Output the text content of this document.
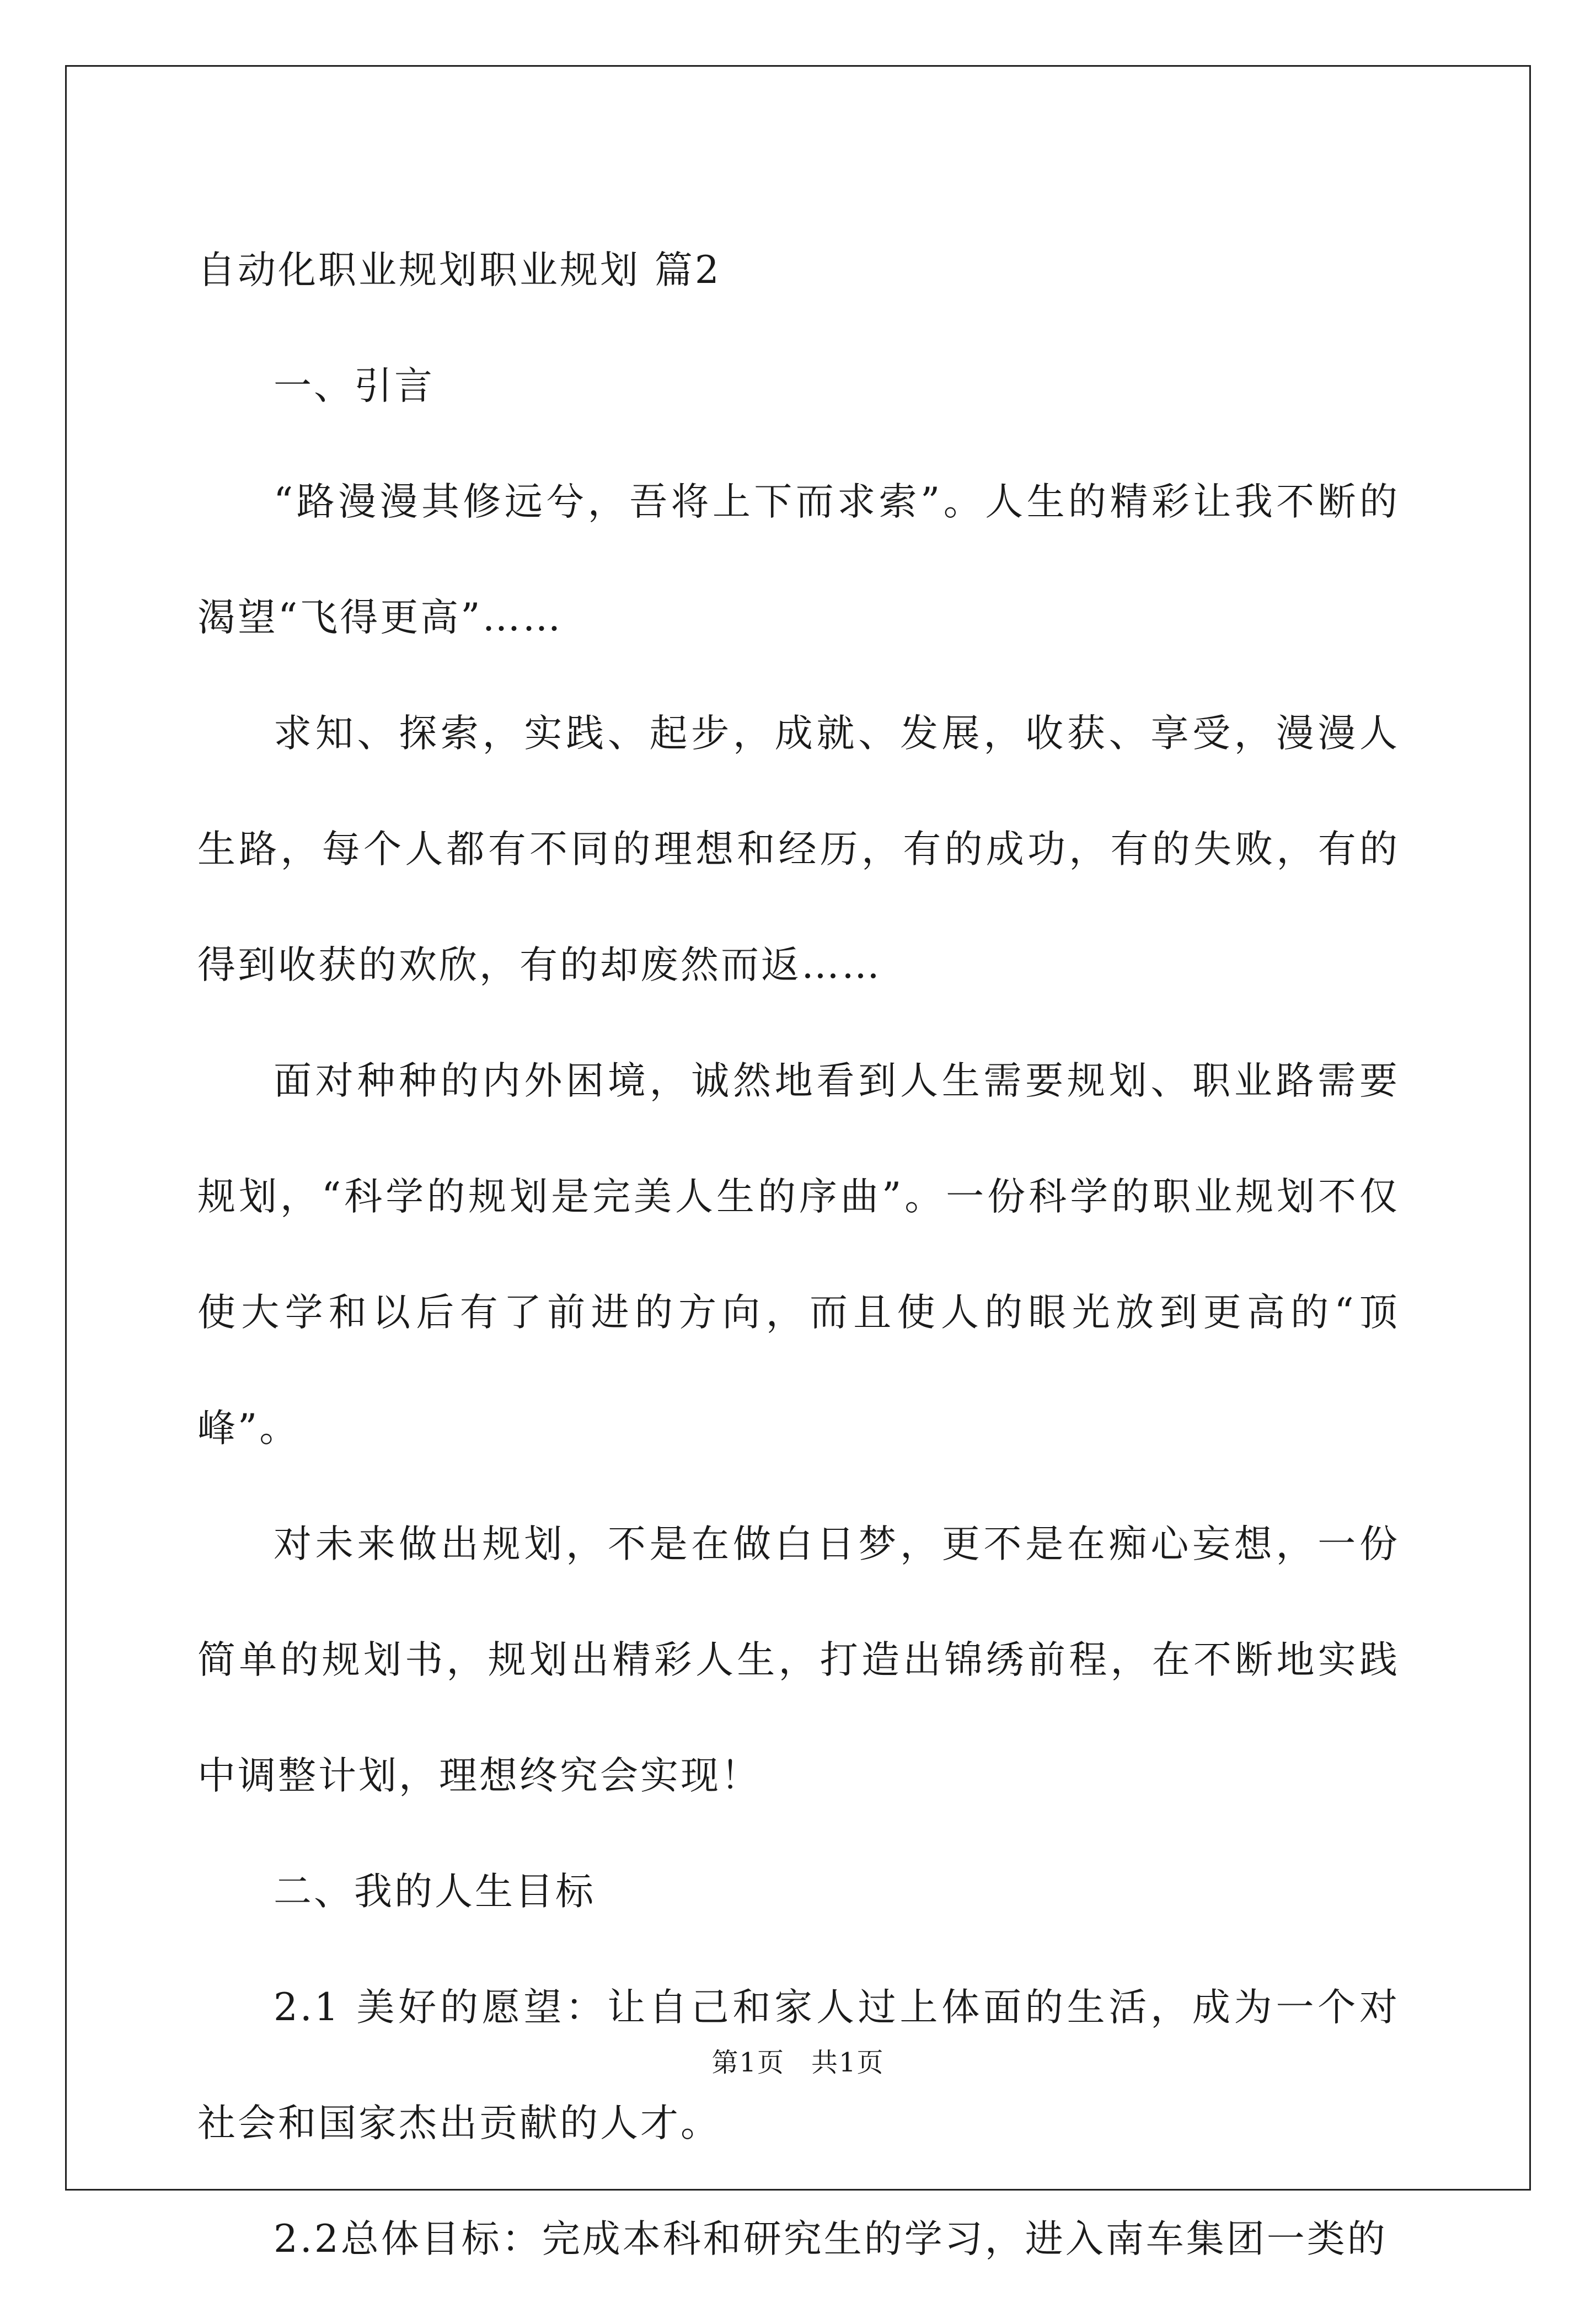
自动化职业规划职业规划 篇2

一、引言

“路漫漫其修远兮，吾将上下而求索”。人生的精彩让我不断的渴望“飞得更高”……

求知、探索，实践、起步，成就、发展，收获、享受，漫漫人生路，每个人都有不同的理想和经历，有的成功，有的失败，有的得到收获的欢欣，有的却废然而返……

面对种种的内外困境，诚然地看到人生需要规划、职业路需要规划，“科学的规划是完美人生的序曲”。一份科学的职业规划不仅使大学和以后有了前进的方向，而且使人的眼光放到更高的“顶峰”。

对未来做出规划，不是在做白日梦，更不是在痴心妄想，一份简单的规划书，规划出精彩人生，打造出锦绣前程，在不断地实践中调整计划，理想终究会实现！

二、我的人生目标

2.1 美好的愿望：让自己和家人过上体面的生活，成为一个对社会和国家杰出贡献的人才。

2.2总体目标：完成本科和研究生的学习，进入南车集团一类的

第1页 共1页
